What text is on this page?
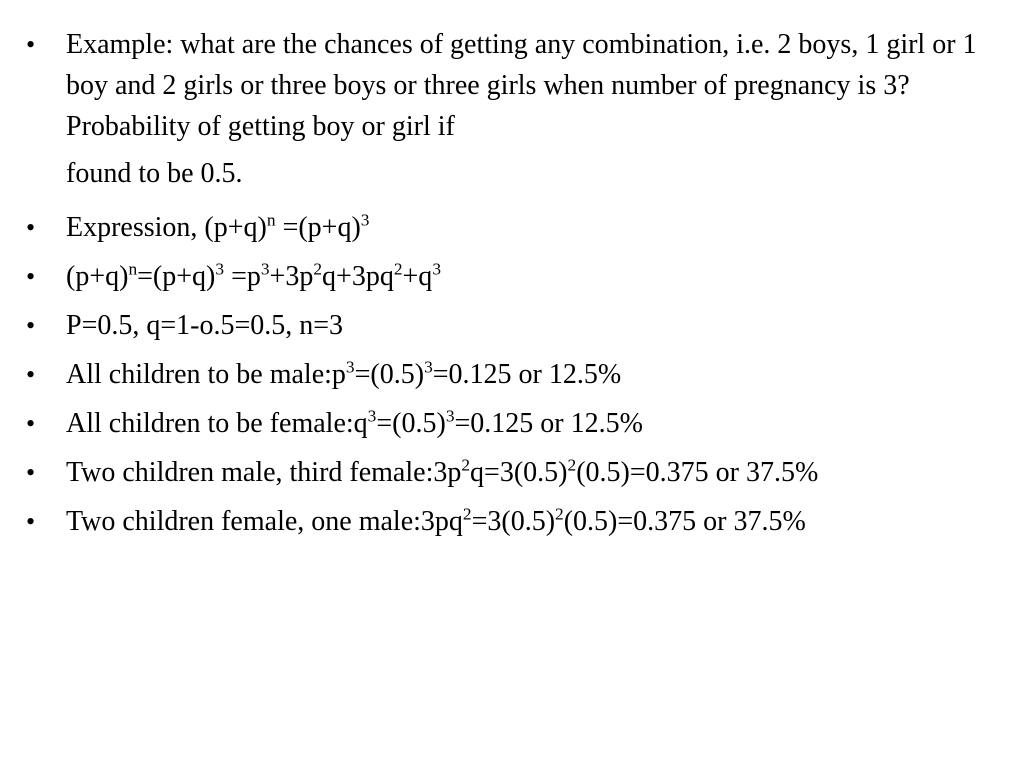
• Example: what are the chances of getting any combination, i.e. 2 boys, 1 girl or 1 boy and 2 girls or three boys or three girls when number of pregnancy is 3? Probability of getting boy or girl if
found to be 0.5.
• Expression, $(p+q)^n =(p+q)^3$
• $(p+q)^n=(p+q)^3 =p^3+3p^2q+3pq^2+q^3$
• P=0.5, q=1-o.5=0.5, n=3
• All children to be $male:p^3=(0.5)^3=0.125$ or 12.5%
• All children to be $female:q^3=(0.5)^3=0.125$ or 12.5%
• Two children male, third $female:3p^2q=3(0.5)^2(0.5)=0.375$ or 37.5%
• Two children female, one $male:3pq^2=3(0.5)^2(0.5)=0.375$ or 37.5%
